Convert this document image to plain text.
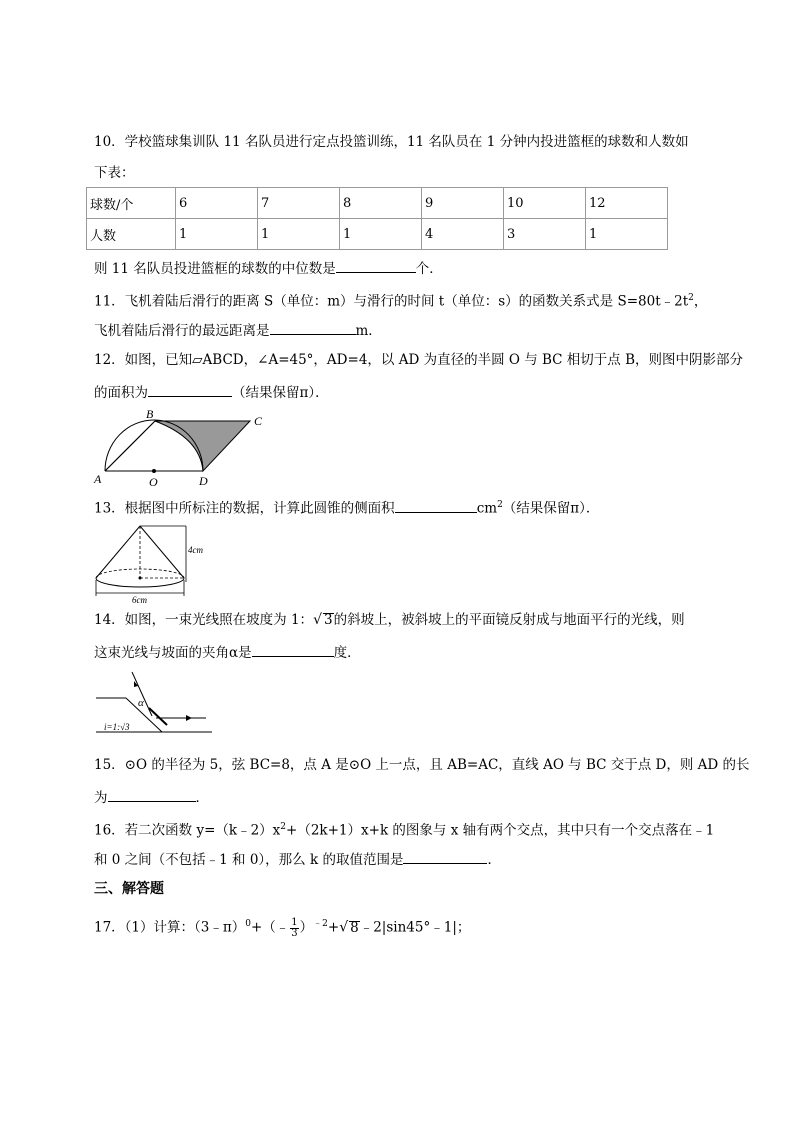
10．学校篮球集训队 11 名队员进行定点投篮训练，11 名队员在 1 分钟内投进篮框的球数和人数如
下表：
球数/个	6	7	8	9	10	12
人数	1	1	1	4	3	1
则 11 名队员投进篮框的球数的中位数是	个．
11．飞机着陆后滑行的距离 S（单位：m）与滑行的时间 t（单位：s）的函数关系式是 $S=80t﹣2t^2$，
飞机着陆后滑行的最远距离是	m．
12．如图，已知▱ABCD，∠A=45°，AD=4，以 AD 为直径的半圆 O 与 BC 相切于点 B，则图中阴影部分
的面积为	（结果保留π）．
B	C
A	O	D
13．根据图中所标注的数据，计算此圆锥的侧面积	$cm^2$（结果保留π）．
4cm
6cm
14．如图，一束光线照在坡度为 1：√ 3的斜坡上，被斜坡上的平面镜反射成与地面平行的光线，则
这束光线与坡面的夹角α是	度．
α
i=1:√3
15．⊙O 的半径为 5，弦 BC=8，点 A 是⊙O 上一点，且 AB=AC，直线 AO 与 BC 交于点 D，则 AD 的长
为	．
16．若二次函数 $y=(k﹣2)x^2+(2k+1)x+k$ 的图象与 x 轴有两个交点，其中只有一个交点落在﹣1
和 0 之间（不包括﹣1 和 0），那么 k 的取值范围是	．
三、解答题
17．（1）计算：（3﹣π）$^0$+（﹣ $\frac{1}{3} )^{﹣2}+√$ 8﹣2|sin45°﹣1|；
